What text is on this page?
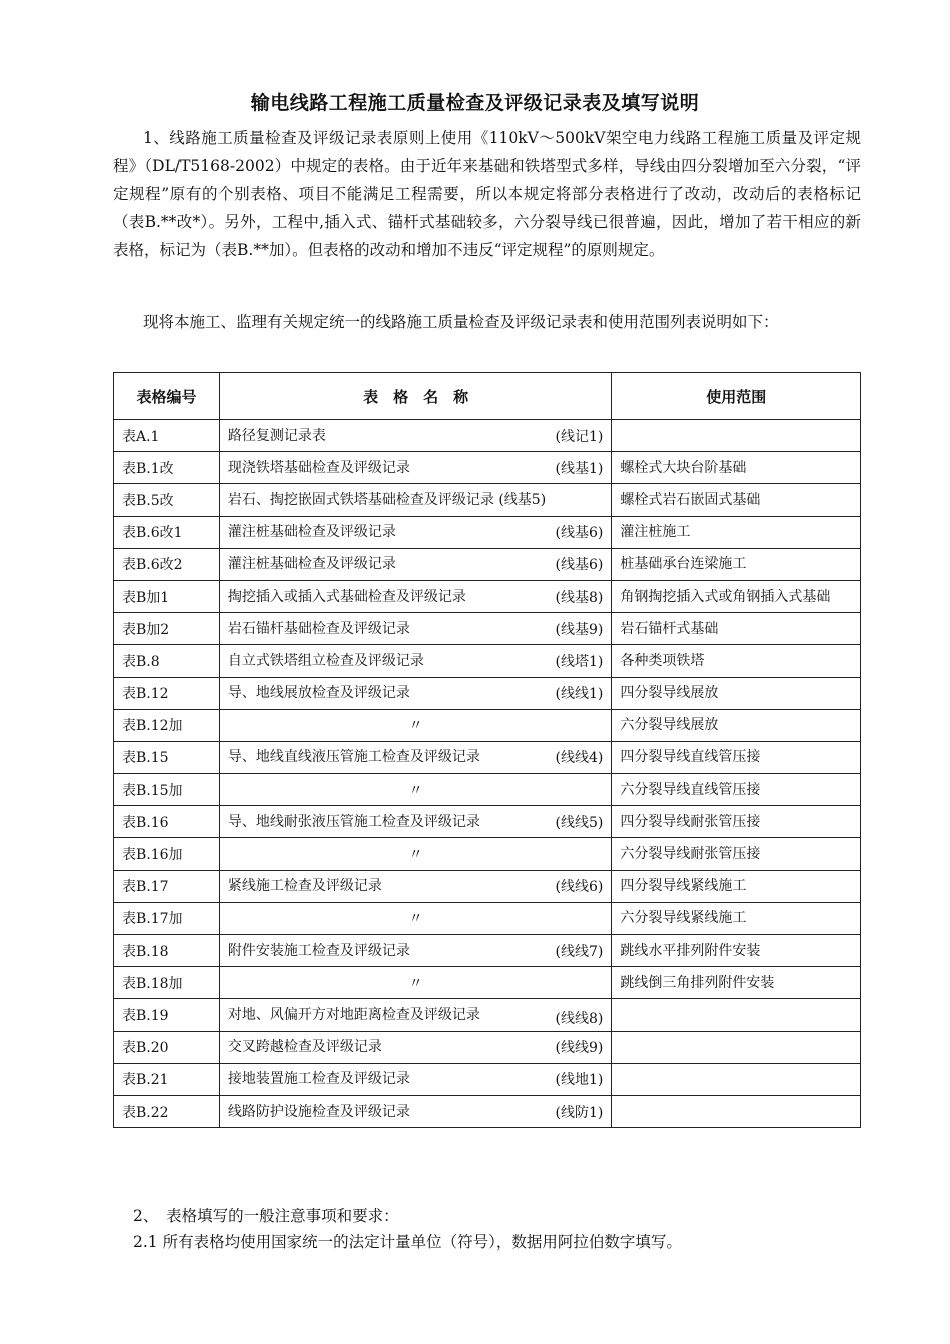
输电线路工程施工质量检查及评级记录表及填写说明
1、线路施工质量检查及评级记录表原则上使用《110kV～500kV架空电力线路工程施工质量及评定规程》（DL/T5168-2002）中规定的表格。由于近年来基础和铁塔型式多样，导线由四分裂增加至六分裂，“评定规程”原有的个别表格、项目不能满足工程需要，所以本规定将部分表格进行了改动，改动后的表格标记（表B.**改*）。另外，工程中,插入式、锚杆式基础较多，六分裂导线已很普遍，因此，增加了若干相应的新表格，标记为（表B.**加）。但表格的改动和增加不违反“评定规程”的原则规定。
现将本施工、监理有关规定统一的线路施工质量检查及评级记录表和使用范围列表说明如下：
表格编号	表　格　名　称	使用范围
表A.1	路径复测记录表 (线记1)	

表B.1改	现浇铁塔基础检查及评级记录 (线基1)	螺栓式大块台阶基础
表B.5改	岩石、掏挖嵌固式铁塔基础检查及评级记录 (线基5)	螺栓式岩石嵌固式基础
表B.6改1	灌注桩基础检查及评级记录 (线基6)	灌注桩施工
表B.6改2	灌注桩基础检查及评级记录 (线基6)	桩基础承台连梁施工
表B加1	掏挖插入或插入式基础检查及评级记录 (线基8)	角钢掏挖插入式或角钢插入式基础
表B加2	岩石锚杆基础检查及评级记录 (线基9)	岩石锚杆式基础
表B.8	自立式铁塔组立检查及评级记录 (线塔1)	各种类项铁塔
表B.12	导、地线展放检查及评级记录 (线线1)	四分裂导线展放
表B.12加	〃	六分裂导线展放
表B.15	导、地线直线液压管施工检查及评级记录 (线线4)	四分裂导线直线管压接
表B.15加	〃	六分裂导线直线管压接
表B.16	导、地线耐张液压管施工检查及评级记录 (线线5)	四分裂导线耐张管压接
表B.16加	〃	六分裂导线耐张管压接
表B.17	紧线施工检查及评级记录 (线线6)	四分裂导线紧线施工
表B.17加	〃	六分裂导线紧线施工
表B.18	附件安装施工检查及评级记录 (线线7)	跳线水平排列附件安装
表B.18加	〃	跳线倒三角排列附件安装
表B.19	对地、风偏开方对地距离检查及评级记录 (线线8)	

表B.20	交叉跨越检查及评级记录 (线线9)	

表B.21	接地装置施工检查及评级记录 (线地1)	

表B.22	线路防护设施检查及评级记录 (线防1)	

2、　表格填写的一般注意事项和要求：
2.1 所有表格均使用国家统一的法定计量单位（符号），数据用阿拉伯数字填写。
